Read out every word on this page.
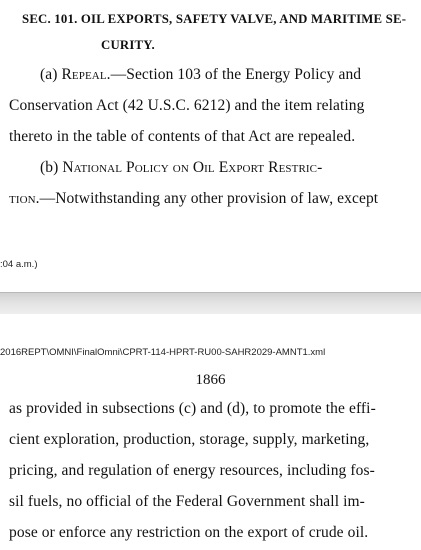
SEC. 101. OIL EXPORTS, SAFETY VALVE, AND MARITIME SE-
CURITY.
(a) Repeal.—Section 103 of the Energy Policy and
Conservation Act (42 U.S.C. 6212) and the item relating
thereto in the table of contents of that Act are repealed.
(b) National Policy on Oil Export Restric-
tion.—Notwithstanding any other provision of law, except
:04 a.m.)
2016REPT\OMNI\FinalOmni\CPRT-114-HPRT-RU00-SAHR2029-AMNT1.xml
1866
as provided in subsections (c) and (d), to promote the effi-
cient exploration, production, storage, supply, marketing,
pricing, and regulation of energy resources, including fos-
sil fuels, no official of the Federal Government shall im-
pose or enforce any restriction on the export of crude oil.
